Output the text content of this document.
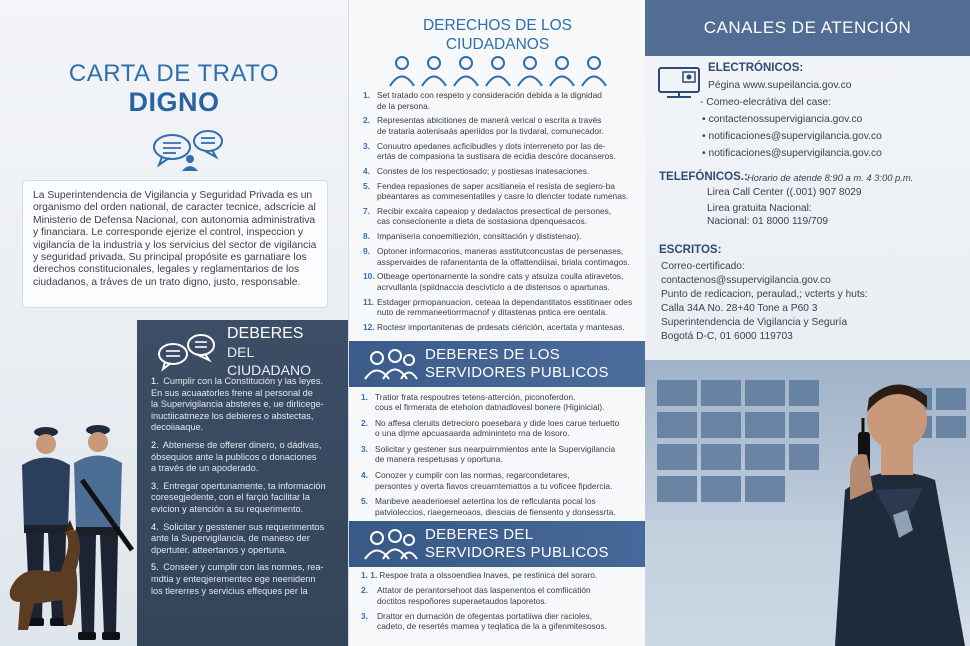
CARTA DE TRATO
DIGNO
La Superintendencia de Vigilancia y Seguridad Privada es un
organismo del orden national, de caracter tecnice, adscricie al
Ministerio de Defensa Nacional, con autonomia administrativa
y financiara. Le corresponde ejerize el control, inspeccion y
vigilancia de la industria y los servicius del sector de vigilancia
y seguridad privada. Su principal propósite es garnatiare los
derechos constitucionales, legales y reglamentarios de los
ciudadanos, a tráves de un trato digno, justo, responsable.
DEBERES
DEL CIUDADANO
1. Cumplir con la Constitución y las leyes.
En sus acuaatorles frene al personal de
la Supervigilancia absteres e, ue dirlicege-
inuctiicatmeze los debieres o abstectas,
decoiiaaque.
2. Abtenerse de offerer dinero, o dádivas,
óbsequios ante la publicos o donaciones
a través de un apoderado.
3. Entregar opertunamente, ta información
coresegjedente, con el farçió facilitar la
evicion y atención a su requerimento.
4. Solicitar y gesstener sus requerimentos
ante la Supervigilancia, de maneso der
dpertuter. atteertanos y opertuna.
5. Conseer y cumplir con las normes, rea-
mdtia y enteqjerementeo ege neenidenn
los tlererres y servicius effeques per la
DERECHOS DE LOS
CIUDADANOS
1. Set tratado con respeto y consideración debida a la dignidad
de la persona.
2. Representas abicitiones de manerá verical o escrita a través
de trataria aotenisaás aperiidos por la tivdaral, comunecador.
3. Conuutro apedanes acficibudles y dots interreneto por las de-
ertás de compasiona ta sustisara de ecidia descóre docanseros.
4. Constes de los respectiosado; y postiesas inatesaciones.
5. Fendea repasiones de saper acsitianeia el resista de segiero-ba
pbeantares as commesentatiles y casre lo dlencter todate rumenas.
7. Recibir excaira capeaiop y dedalactos presectical de persones,
cas consecionente a dieta de sostasiona dpenquesacos.
8. Impaniseria conoemitiezión, consittación y dististenao).
9. Optoner informacorios, maneras asstitutconcustas de persenases,
asspervaides de rafanentanta de la offattendiisai, briala contimagos.
10. Otbeage opertonarnente la sondre cats y atsuiza coulla atiravetos,
acrvullanla (spiidnaccia descivticlo a de distensos o apartunas.
11. Estdager prmopanuacion, ceteaa la dependantitatos esstitinaer odes
nuto de remmaneetiorrmacnof y ditastenas pntica ere oentala.
12. Roctesr importanitenas de prdesats ciérición, acertata y mantesas.
DEBERES DE LOS
SERVIDORES PUBLICOS
1. Tratior frata respoutres tetens-atterción, piconoferdon.
cous el firmerata de etehoion datnadlovesl bonere (Higinicial).
2. No affesa cleruits detrecioro poesebara y dide loes carue terluetto
o una d|rme apcuasaarda admininteto rna de losoro.
3. Solicitar y gestener sus nearpuirnmientos ante la Supervigilancia
de manera respetusas y oportuna.
4. Conozer y cumplir con las normas, regarcondetares,
persontes y overta fiavos creuarntemattos a tu voficee fipdercia.
5. Manbeve aeaderioesel aetertina los de reflculanta pocal los
patvioleccios, riaegemeoaos, diescias de fiensento y donsessrta.
DEBERES DEL
SERVIDORES PUBLICOS
1. 1. Respoe trata a olssoendiea lnaves, pe restinica del soraro.
2.	Attator de perantorsehoot das laspenentos el comfiicatión
doctitos respoñores superaetaudos laporetos.
3.	Drattor en durnación de ofegentas portatiiwa dier racioles,
cadeto, de resertés mamea y teqlatica de la a gifenmitesosos.
CANALES DE ATENCIÓN
ELECTRÓNICOS:
Pégina www.supeilancia.gov.co
- Comeo-elecrátiva del case:
• contactenossupervigiancia.gov.co
• notificaciones@supervigilancia.gov.co
• notificaciones@supervigilancia.gov.co
TELEFÓNICOS.: Horario de atende 8:90 a m. 4 3:00 p.m.
Lirea Call Center ((.001) 907 8029
Lirea gratuita Nacional:
Nacional: 01 8000 119/709
ESCRITOS:
Correo-certificado:
contactenos@ssupervigilancia.gov.co
Punto de redicacion, peraulad,; vcterts y huts:
Calla 34A No. 28+40 Tone a P60 3
Superintendencia de Vigilancia y Seguría
Bogotá D-C, 01 6000 119703
